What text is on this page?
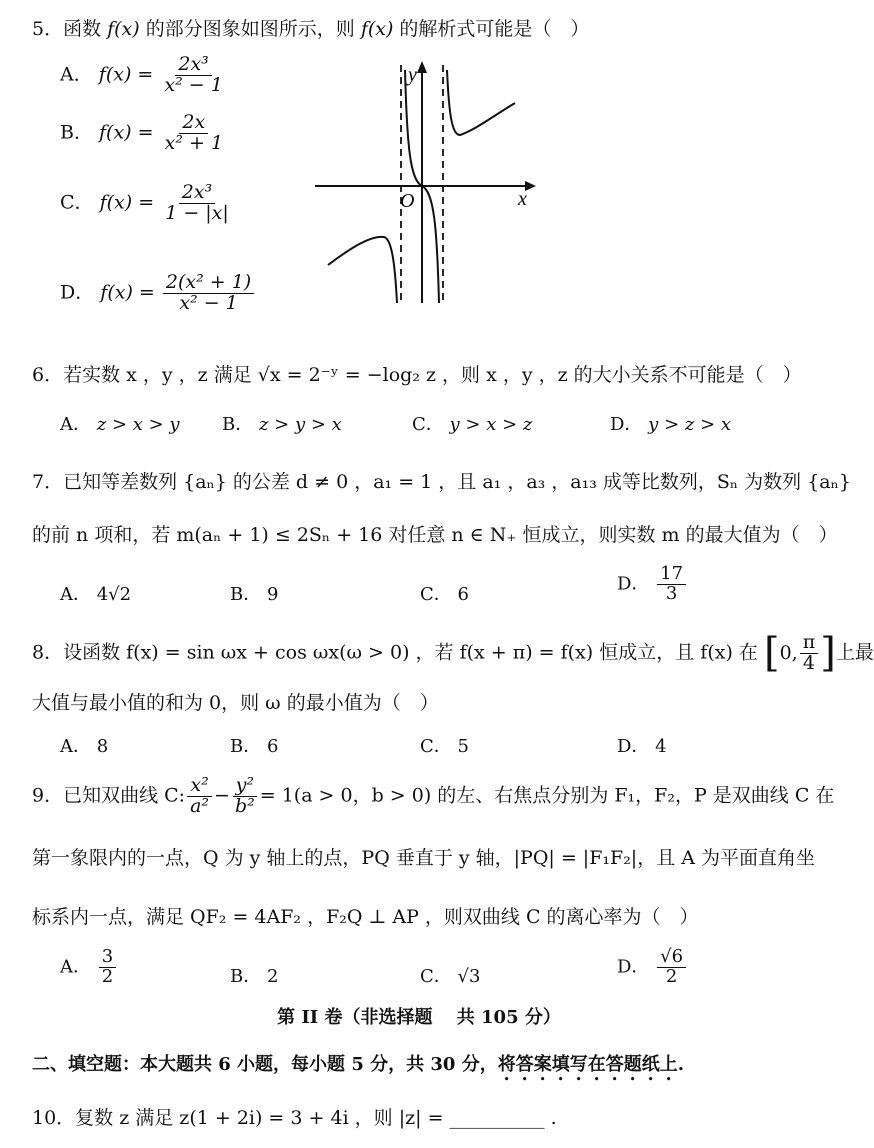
5．函数 f(x) 的部分图象如图所示，则 f(x) 的解析式可能是（　）
A． $f(x) = \frac{\text{2x³}}{\text{x² − 1}}$
B． $f(x) = \frac{2x}{\text{x² + 1}}$
C． $f(x) = \frac{\text{2x³}}{1 - |x|}$
D． $f(x) = \frac{\text{2(x² + 1)}}{\text{x² − 1}}$
y
x
O
6．若实数 x ，y ，z 满足 √x = 2⁻ʸ = −log₂ z ，则 x ，y ，z 的大小关系不可能是（　）
A． z > x > y B． z > y > x	C． y > x > z	D． y > z > x
7．已知等差数列 {aₙ} 的公差 d ≠ 0 ，a₁ = 1 ，且 a₁ ，a₃ ，a₁₃ 成等比数列，Sₙ 为数列 {aₙ}
的前 n 项和，若 m(aₙ + 1) ≤ 2Sₙ + 16 对任意 n ∈ N₊ 恒成立，则实数 m 的最大值为（　）
A． 4√2	B． 9	C． 6
D． $\frac{17}{3}$
8．设函数 f(x) = sin ωx + cos ωx(ω > 0) ，若 f(x + π) = f(x) 恒成立，且 f(x) 在 [ 0, $\frac{\pi}{4}$ ] 上最
大值与最小值的和为 0，则 ω 的最小值为（　）
A． 8	B． 6	C． 5	D． 4
9．已知双曲线 C: $\frac{\text{x²}}{\text{a²}} - \frac{\text{y²}}{\text{b²}} = 1(a > 0$，b > 0) 的左、右焦点分别为 F₁，F₂，P 是双曲线 C 在
第一象限内的一点，Q 为 y 轴上的点，PQ 垂直于 y 轴，|PQ| = |F₁F₂|，且 A 为平面直角坐
标系内一点，满足 QF₂ = 4AF₂ ，F₂Q ⊥ AP ，则双曲线 C 的离心率为（　）
A． $\frac{3}{2}$	B． 2	C． √3	D． $\frac{√6}{2}$
第 II 卷（非选择题　 共 105 分）
二、填空题：本大题共 6 小题，每小题 5 分，共 30 分，将答案填写在答题纸上.
10．复数 z 满足 z(1 + 2i) = 3 + 4i ，则 |z| = __________ .
